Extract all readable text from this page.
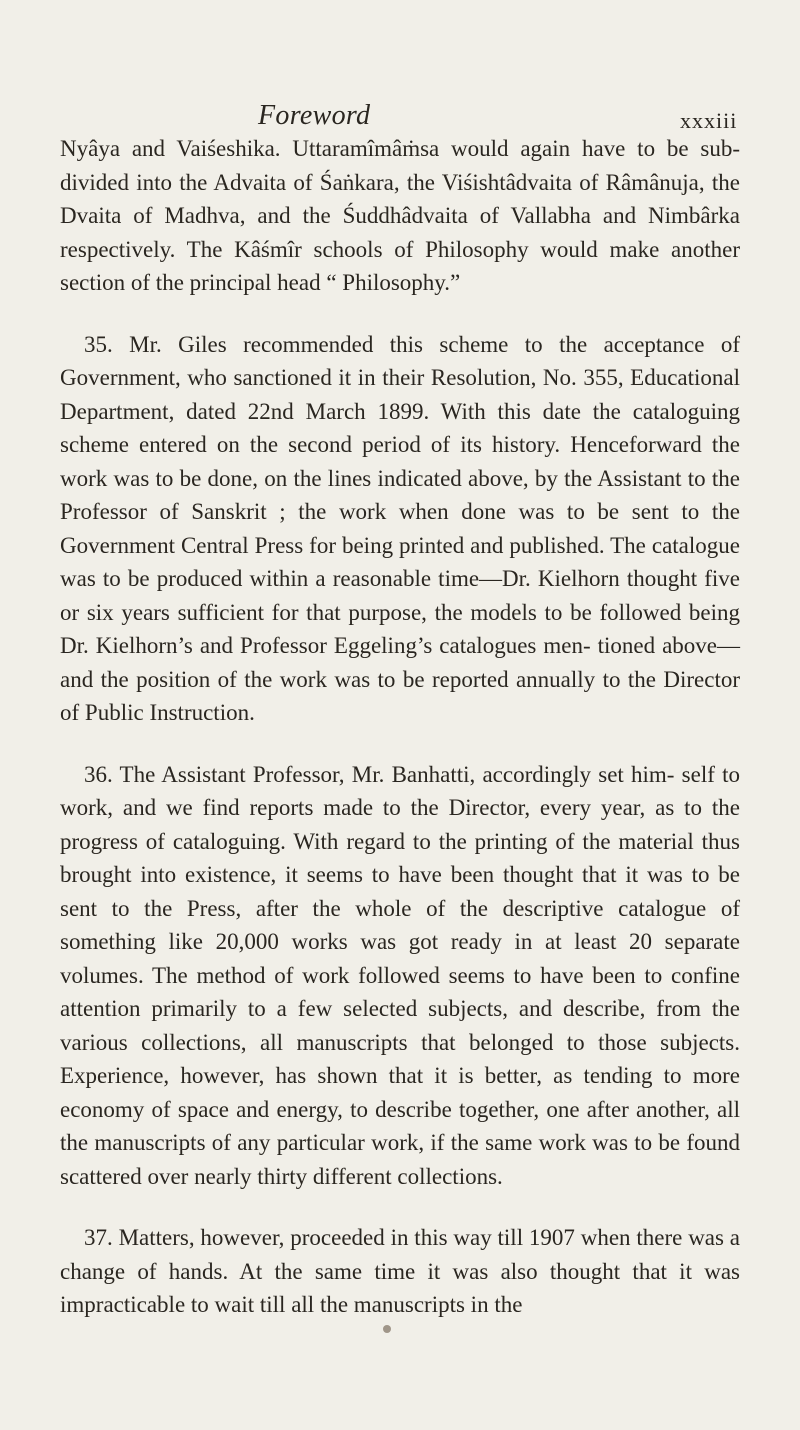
Foreword	xxxiii

Nyâya and Vaiśeshika. Uttaramîmâṁsa would again have to be sub-divided into the Advaita of Śaṅkara, the Viśishtâdvaita of Râmânuja, the Dvaita of Madhva, and the Śuddhâdvaita of Vallabha and Nimbârka respectively. The Kâśmîr schools of Philosophy would make another section of the principal head “ Philosophy.”

35. Mr. Giles recommended this scheme to the acceptance of Government, who sanctioned it in their Resolution, No. 355, Educational Department, dated 22nd March 1899. With this date the cataloguing scheme entered on the second period of its history. Henceforward the work was to be done, on the lines indicated above, by the Assistant to the Professor of Sanskrit ; the work when done was to be sent to the Government Central Press for being printed and published. The catalogue was to be produced within a reasonable time—Dr. Kielhorn thought five or six years sufficient for that purpose, the models to be followed being Dr. Kielhorn’s and Professor Eggeling’s catalogues men- tioned above—and the position of the work was to be reported annually to the Director of Public Instruction.

36. The Assistant Professor, Mr. Banhatti, accordingly set him- self to work, and we find reports made to the Director, every year, as to the progress of cataloguing. With regard to the printing of the material thus brought into existence, it seems to have been thought that it was to be sent to the Press, after the whole of the descriptive catalogue of something like 20,000 works was got ready in at least 20 separate volumes. The method of work followed seems to have been to confine attention primarily to a few selected subjects, and describe, from the various collections, all manuscripts that belonged to those subjects. Experience, however, has shown that it is better, as tending to more economy of space and energy, to describe together, one after another, all the manuscripts of any particular work, if the same work was to be found scattered over nearly thirty different collections.

37. Matters, however, proceeded in this way till 1907 when there was a change of hands. At the same time it was also thought that it was impracticable to wait till all the manuscripts in the
